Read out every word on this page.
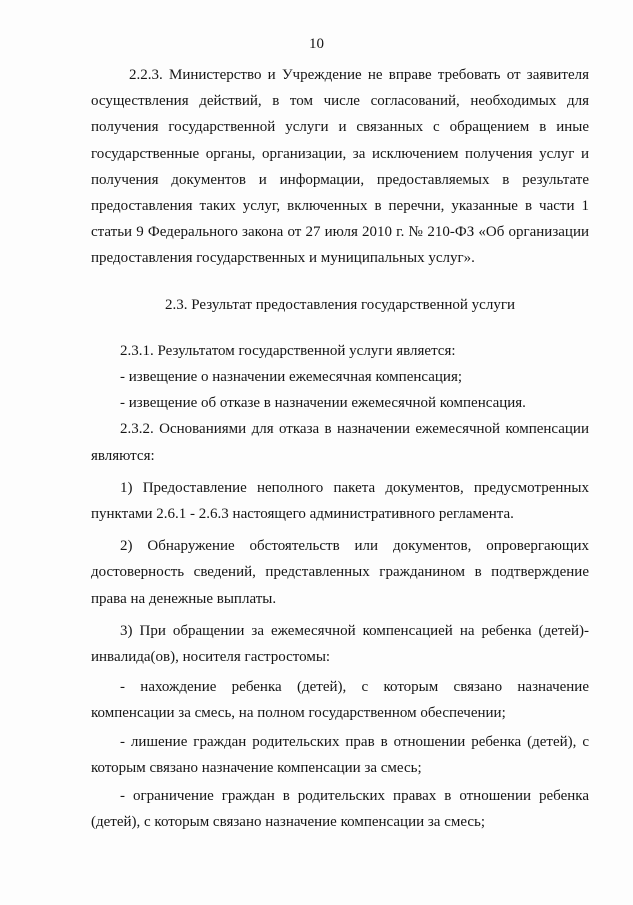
10

2.2.3. Министерство и Учреждение не вправе требовать от заявителя осуществления действий, в том числе согласований, необходимых для получения государственной услуги и связанных с обращением в иные государственные органы, организации, за исключением получения услуг и получения документов и информации, предоставляемых в результате предоставления таких услуг, включенных в перечни, указанные в части 1 статьи 9 Федерального закона от 27 июля 2010 г. № 210-ФЗ «Об организации предоставления государственных и муниципальных услуг».

2.3. Результат предоставления государственной услуги

2.3.1. Результатом государственной услуги является:

- извещение о назначении ежемесячная компенсация;

- извещение об отказе в назначении ежемесячной компенсация.

2.3.2. Основаниями для отказа в назначении ежемесячной компенсации являются:

1) Предоставление неполного пакета документов, предусмотренных пунктами 2.6.1 - 2.6.3 настоящего административного регламента.

2) Обнаружение обстоятельств или документов, опровергающих достоверность сведений, представленных гражданином в подтверждение права на денежные выплаты.

3) При обращении за ежемесячной компенсацией на ребенка (детей)-инвалида(ов), носителя гастростомы:

- нахождение ребенка (детей), с которым связано назначение компенсации за смесь, на полном государственном обеспечении;

- лишение граждан родительских прав в отношении ребенка (детей), с которым связано назначение компенсации за смесь;

- ограничение граждан в родительских правах в отношении ребенка (детей), с которым связано назначение компенсации за смесь;
